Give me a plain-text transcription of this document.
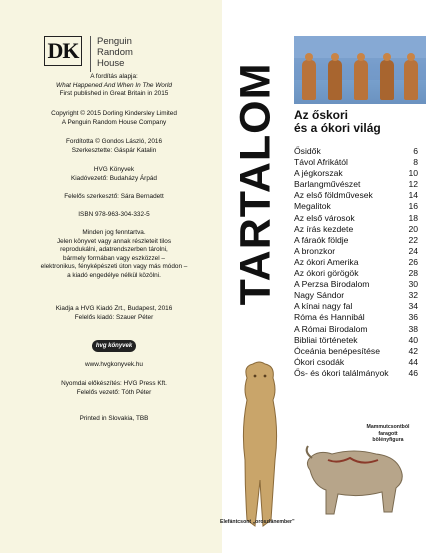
DK	Penguin
Random
House
A fordítás alapja:
What Happened And When In The World
First published in Great Britain in 2015
Copyright © 2015 Dorling Kindersley Limited
A Penguin Random House Company
Fordította © Gondos László, 2016
Szerkesztette: Gáspár Katalin
HVG Könyvek
Kiadóvezető: Budaházy Árpád
Felelős szerkesztő: Sára Bernadett
ISBN 978-963-304-332-5
Minden jog fenntartva.
Jelen könyvet vagy annak részleteit tilos
reprodukálni, adatrendszerben tárolni,
bármely formában vagy eszközzel –
elektronikus, fényképészeti úton vagy más módon –
a kiadó engedélye nélkül közölni.
Kiadja a HVG Kiadó Zrt., Budapest, 2016
Felelős kiadó: Szauer Péter
hvg könyvek
www.hvgkonyvek.hu
Nyomdai előkészítés: HVG Press Kft.
Felelős vezető: Tóth Péter
Printed in Slovakia, TBB
TARTALOM Az őskori
és a ókori világ
Ősidők	6
Távol Afrikától	8
A jégkorszak	10
Barlangművészet	12
Az első földművesek	14
Megalitok	16
Az első városok	18
Az írás kezdete	20
A fáraók földje	22
A bronzkor	24
Az ókori Amerika	26
Az ókori görögök	28
A Perzsa Birodalom	30
Nagy Sándor	32
A kínai nagy fal	34
Róma és Hannibál	36
A Római Birodalom	38
Bibliai történetek	40
Óceánia benépesítése	42
Ókori csodák	44
Ős- és ókori találmányok 46
Elefántcsont „oroszlánember"
Mammutcsontból
faragott
bölényfigura
